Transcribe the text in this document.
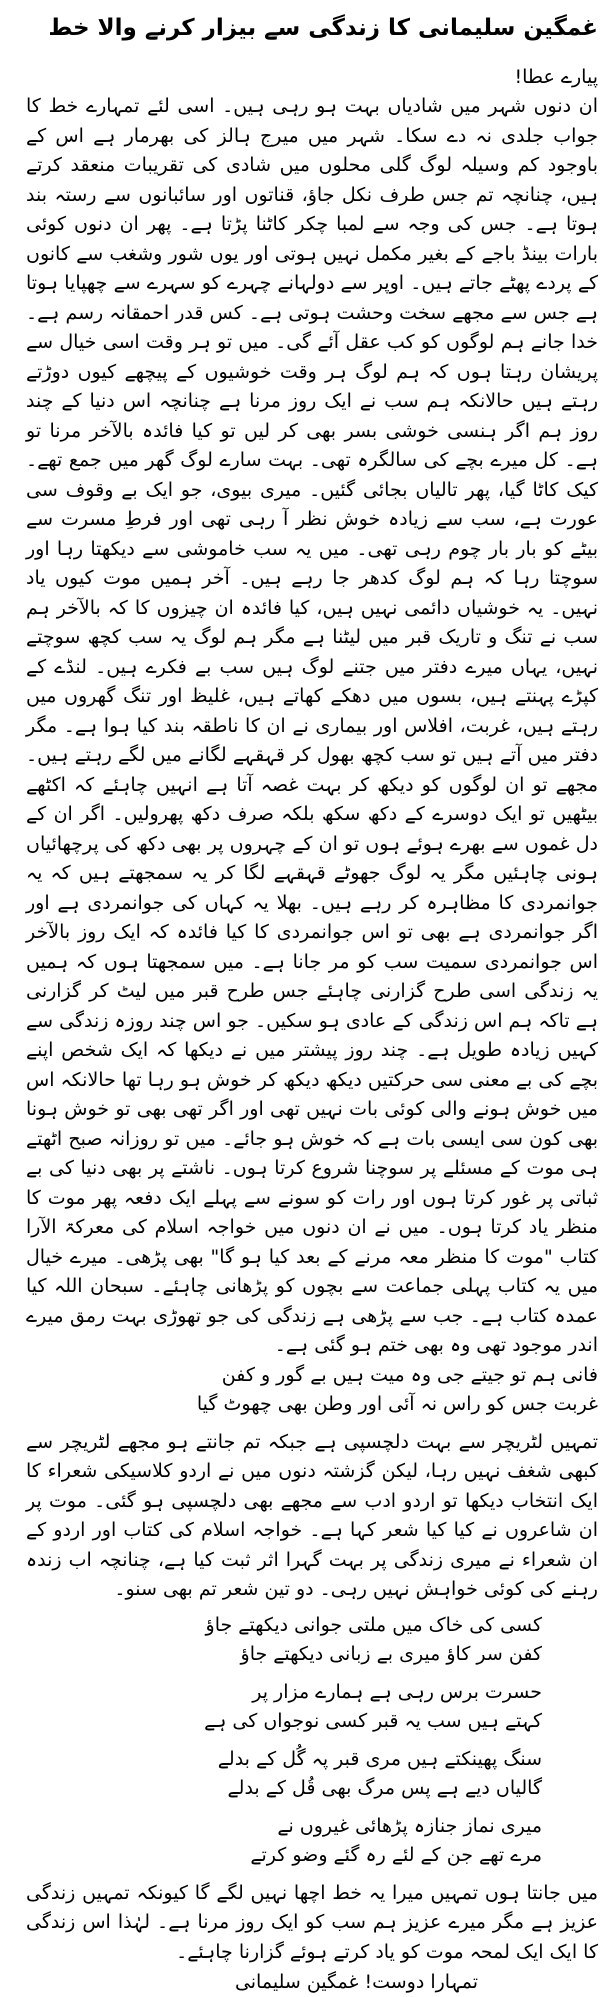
غمگین سلیمانی کا زندگی سے بیزار کرنے والا خط
پیارے عطا!

ان دنوں شہر میں شادیاں بہت ہو رہی ہیں۔ اسی لئے تمہارے خط کا جواب جلدی نہ دے سکا۔ شہر میں میرج ہالز کی بھرمار ہے اس کے باوجود کم وسیلہ لوگ گلی محلوں میں شادی کی تقریبات منعقد کرتے ہیں، چنانچہ تم جس طرف نکل جاؤ، قناتوں اور سائبانوں سے رستہ بند ہوتا ہے۔ جس کی وجہ سے لمبا چکر کاٹنا پڑتا ہے۔ پھر ان دنوں کوئی بارات بینڈ باجے کے بغیر مکمل نہیں ہوتی اور یوں شور وشغب سے کانوں کے پردے پھٹے جاتے ہیں۔ اوپر سے دولہانے چہرے کو سہرے سے چھپایا ہوتا ہے جس سے مجھے سخت وحشت ہوتی ہے۔ کس قدر احمقانہ رسم ہے۔ خدا جانے ہم لوگوں کو کب عقل آئے گی۔ میں تو ہر وقت اسی خیال سے پریشان رہتا ہوں کہ ہم لوگ ہر وقت خوشیوں کے پیچھے کیوں دوڑتے رہتے ہیں حالانکہ ہم سب نے ایک روز مرنا ہے چنانچہ اس دنیا کے چند روز ہم اگر ہنسی خوشی بسر بھی کر لیں تو کیا فائدہ بالآخر مرنا تو ہے۔ کل میرے بچے کی سالگرہ تھی۔ بہت سارے لوگ گھر میں جمع تھے۔ کیک کاٹا گیا، پھر تالیاں بجائی گئیں۔ میری بیوی، جو ایک بے وقوف سی عورت ہے، سب سے زیادہ خوش نظر آ رہی تھی اور فرطِ مسرت سے بیٹے کو بار بار چوم رہی تھی۔ میں یہ سب خاموشی سے دیکھتا رہا اور سوچتا رہا کہ ہم لوگ کدھر جا رہے ہیں۔ آخر ہمیں موت کیوں یاد نہیں۔ یہ خوشیاں دائمی نہیں ہیں، کیا فائدہ ان چیزوں کا کہ بالآخر ہم سب نے تنگ و تاریک قبر میں لیٹنا ہے مگر ہم لوگ یہ سب کچھ سوچتے نہیں، یہاں میرے دفتر میں جتنے لوگ ہیں سب بے فکرے ہیں۔ لنڈے کے کپڑے پہنتے ہیں، بسوں میں دھکے کھاتے ہیں، غلیظ اور تنگ گھروں میں رہتے ہیں، غربت، افلاس اور بیماری نے ان کا ناطقہ بند کیا ہوا ہے۔ مگر دفتر میں آتے ہیں تو سب کچھ بھول کر قہقہے لگانے میں لگے رہتے ہیں۔ مجھے تو ان لوگوں کو دیکھ کر بہت غصہ آتا ہے انہیں چاہئے کہ اکٹھے بیٹھیں تو ایک دوسرے کے دکھ سکھ بلکہ صرف دکھ پھرولیں۔ اگر ان کے دل غموں سے بھرے ہوئے ہوں تو ان کے چہروں پر بھی دکھ کی پرچھائیاں ہونی چاہئیں مگر یہ لوگ جھوٹے قہقہے لگا کر یہ سمجھتے ہیں کہ یہ جوانمردی کا مظاہرہ کر رہے ہیں۔ بھلا یہ کہاں کی جوانمردی ہے اور اگر جوانمردی ہے بھی تو اس جوانمردی کا کیا فائدہ کہ ایک روز بالآخر اس جوانمردی سمیت سب کو مر جانا ہے۔ میں سمجھتا ہوں کہ ہمیں یہ زندگی اسی طرح گزارنی چاہئے جس طرح قبر میں لیٹ کر گزارنی ہے تاکہ ہم اس زندگی کے عادی ہو سکیں۔ جو اس چند روزہ زندگی سے کہیں زیادہ طویل ہے۔ چند روز پیشتر میں نے دیکھا کہ ایک شخص اپنے بچے کی بے معنی سی حرکتیں دیکھ دیکھ کر خوش ہو رہا تھا حالانکہ اس میں خوش ہونے والی کوئی بات نہیں تھی اور اگر تھی بھی تو خوش ہونا بھی کون سی ایسی بات ہے کہ خوش ہو جائے۔ میں تو روزانہ صبح اٹھتے ہی موت کے مسئلے پر سوچنا شروع کرتا ہوں۔ ناشتے پر بھی دنیا کی بے ثباتی پر غور کرتا ہوں اور رات کو سونے سے پہلے ایک دفعہ پھر موت کا منظر یاد کرتا ہوں۔ میں نے ان دنوں میں خواجہ اسلام کی معرکۃ الآرا کتاب "موت کا منظر معہ مرنے کے بعد کیا ہو گا" بھی پڑھی۔ میرے خیال میں یہ کتاب پہلی جماعت سے بچوں کو پڑھانی چاہئے۔ سبحان اللہ کیا عمدہ کتاب ہے۔ جب سے پڑھی ہے زندگی کی جو تھوڑی بہت رمق میرے اندر موجود تھی وہ بھی ختم ہو گئی ہے۔

فانی ہم تو جیتے جی وہ میت ہیں بے گور و کفن
غربت جس کو راس نہ آئی اور وطن بھی چھوٹ گیا

تمہیں لٹریچر سے بہت دلچسپی ہے جبکہ تم جانتے ہو مجھے لٹریچر سے کبھی شغف نہیں رہا، لیکن گزشتہ دنوں میں نے اردو کلاسیکی شعراء کا ایک انتخاب دیکھا تو اردو ادب سے مجھے بھی دلچسپی ہو گئی۔ موت پر ان شاعروں نے کیا کیا شعر کہا ہے۔ خواجہ اسلام کی کتاب اور اردو کے ان شعراء نے میری زندگی پر بہت گہرا اثر ثبت کیا ہے، چنانچہ اب زندہ رہنے کی کوئی خواہش نہیں رہی۔ دو تین شعر تم بھی سنو۔

کسی کی خاک میں ملتی جوانی دیکھتے جاؤ
کفن سر کاؤ میری بے زبانی دیکھتے جاؤ
حسرت برس رہی ہے ہمارے مزار پر
کہتے ہیں سب یہ قبر کسی نوجواں کی ہے
سنگ پھینکتے ہیں مری قبر پہ گُل کے بدلے
گالیاں دیے ہے پس مرگ بھی قُل کے بدلے
میری نماز جنازہ پڑھائی غیروں نے
مرے تھے جن کے لئے رہ گئے وضو کرتے

میں جانتا ہوں تمہیں میرا یہ خط اچھا نہیں لگے گا کیونکہ تمہیں زندگی عزیز ہے مگر میرے عزیز ہم سب کو ایک روز مرنا ہے۔ لہٰذا اس زندگی کا ایک ایک لمحہ موت کو یاد کرتے ہوئے گزارنا چاہئے۔

تمہارا دوست! غمگین سلیمانی
